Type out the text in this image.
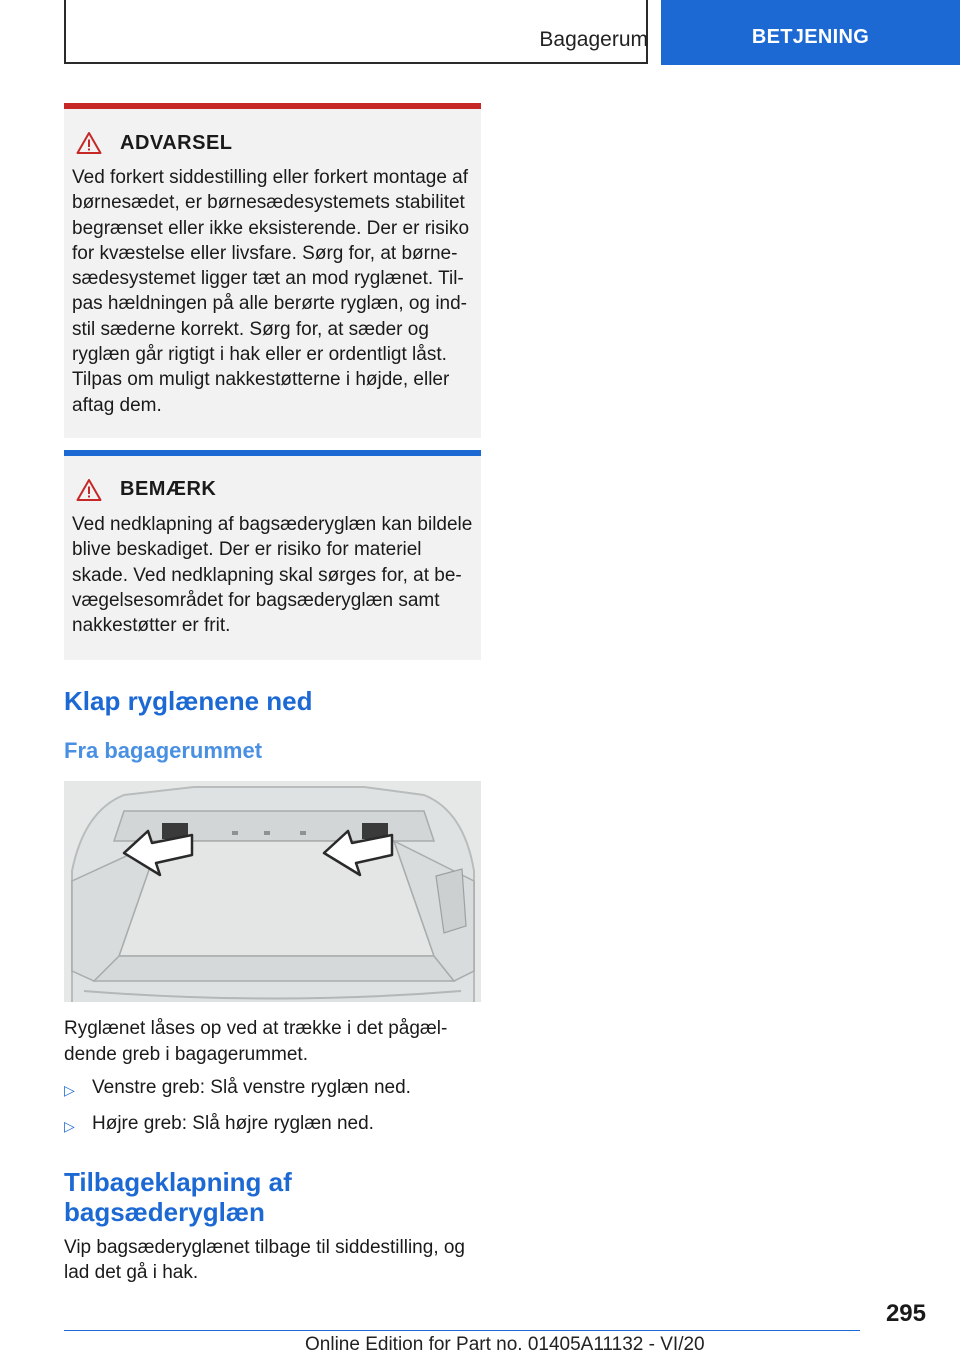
Bagagerum	BETJENING
ADVARSEL
Ved forkert siddestilling eller forkert montage af børnesædet, er børnesædesystemets stabilitet begrænset eller ikke eksisterende. Der er risiko for kvæstelse eller livsfare. Sørg for, at børne-sædesystemet ligger tæt an mod ryglænet. Til-pas hældningen på alle berørte ryglæn, og ind-stil sæderne korrekt. Sørg for, at sæder og ryglæn går rigtigt i hak eller er ordentligt låst. Tilpas om muligt nakkestøtterne i højde, eller aftag dem.
BEMÆRK
Ved nedklapning af bagsæderyglæn kan bildele blive beskadiget. Der er risiko for materiel skade. Ved nedklapning skal sørges for, at be-vægelsesområdet for bagsæderyglæn samt nakkestøtter er frit.
Klap ryglænene ned
Fra bagagerummet

Ryglænet låses op ved at trække i det pågæl-dende greb i bagagerummet.

▷ Venstre greb: Slå venstre ryglæn ned.
▷ Højre greb: Slå højre ryglæn ned.
Tilbageklapning af bagsæderyglæn

Vip bagsæderyglænet tilbage til siddestilling, og lad det gå i hak.

295
Online Edition for Part no. 01405A11132 - VI/20
